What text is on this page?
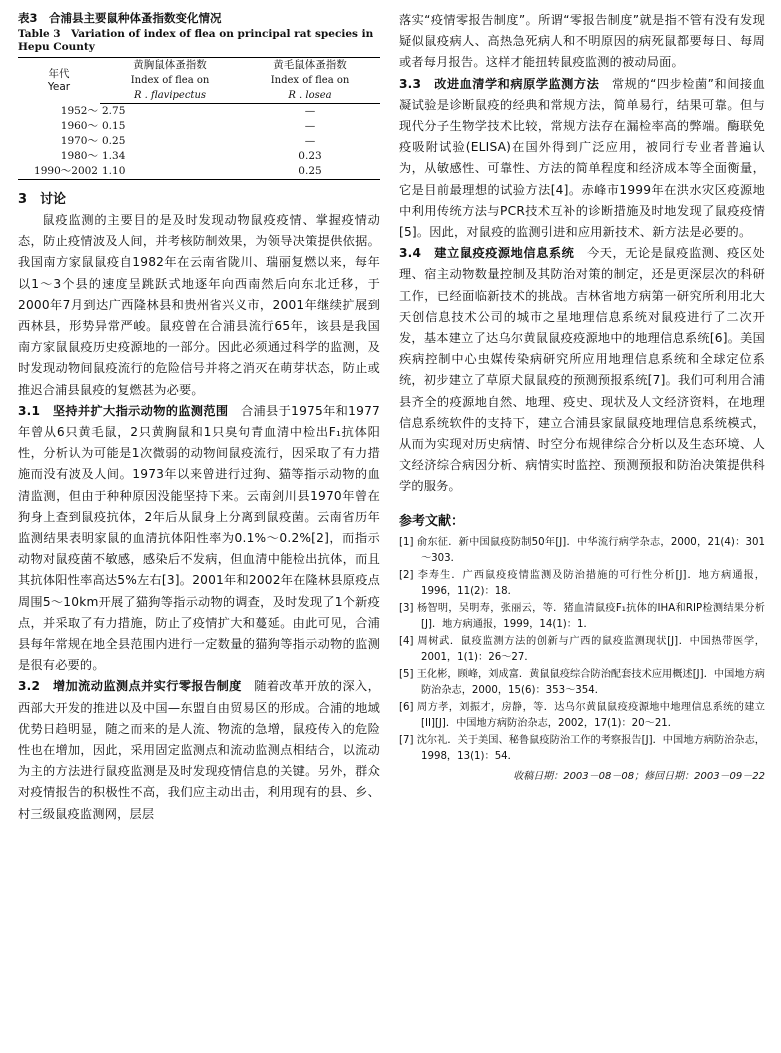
表3　合浦县主要鼠种体蚤指数变化情况

Table 3　Variation of index of flea on principal rat species in Hepu County

年代
Year	黄胸鼠体蚤指数	黄毛鼠体蚤指数
	Index of flea on	Index of flea on
	R . flavipectus	R . losea
1952～	2.75	—
1960～	0.15	—
1970～	0.25	—
1980～	1.34	0.23
1990～2002	1.10	0.25
3　讨论

鼠疫监测的主要目的是及时发现动物鼠疫疫情、掌握疫情动态，防止疫情波及人间，并考核防制效果，为领导决策提供依据。我国南方家鼠鼠疫自1982年在云南省陇川、瑞丽复燃以来，每年以1～3个县的速度呈跳跃式地逐年向西南然后向东北迁移，于2000年7月到达广西隆林县和贵州省兴义市，2001年继续扩展到西林县，形势异常严峻。鼠疫曾在合浦县流行65年，该县是我国南方家鼠鼠疫历史疫源地的一部分。因此必须通过科学的监测，及时发现动物间鼠疫流行的危险信号并将之消灭在萌芽状态，防止或推迟合浦县鼠疫的复燃甚为必要。

3.1　坚持并扩大指示动物的监测范围　合浦县于1975年和1977年曾从6只黄毛鼠，2只黄胸鼠和1只臭句青血清中检出F₁抗体阳性，分析认为可能是1次微弱的动物间鼠疫流行，因采取了有力措施而没有波及人间。1973年以来曾进行过狗、猫等指示动物的血清监测，但由于种种原因没能坚持下来。云南剑川县1970年曾在狗身上查到鼠疫抗体，2年后从鼠身上分离到鼠疫菌。云南省历年监测结果表明家鼠的血清抗体阳性率为0.1%～0.2%[2]，而指示动物对鼠疫菌不敏感，感染后不发病，但血清中能检出抗体，而且其抗体阳性率高达5%左右[3]。2001年和2002年在隆林县原疫点周围5～10km开展了猫狗等指示动物的调查，及时发现了1个新疫点，并采取了有力措施，防止了疫情扩大和蔓延。由此可见，合浦县每年常规在地全县范围内进行一定数量的猫狗等指示动物的监测是很有必要的。

3.2　增加流动监测点并实行零报告制度　随着改革开放的深入，西部大开发的推进以及中国—东盟自由贸易区的形成。合浦的地域优势日趋明显，随之而来的是人流、物流的急增，鼠疫传入的危险性也在增加，因此，采用固定监测点和流动监测点相结合，以流动为主的方法进行鼠疫监测是及时发现疫情信息的关键。另外，群众对疫情报告的积极性不高，我们应主动出击，利用现有的县、乡、村三级鼠疫监测网，层层

落实“疫情零报告制度”。所谓“零报告制度”就是指不管有没有发现疑似鼠疫病人、高热急死病人和不明原因的病死鼠都要每日、每周或者每月报告。这样才能扭转鼠疫监测的被动局面。

3.3　改进血清学和病原学监测方法　常规的“四步检菌”和间接血凝试验是诊断鼠疫的经典和常规方法，简单易行，结果可靠。但与现代分子生物学技术比较，常规方法存在漏检率高的弊端。酶联免疫吸附试验(ELISA)在国外得到广泛应用，被同行专业者普遍认为，从敏感性、可靠性、方法的简单程度和经济成本等全面衡量，它是目前最理想的试验方法[4]。赤峰市1999年在洪水灾区疫源地中利用传统方法与PCR技术互补的诊断措施及时地发现了鼠疫疫情[5]。因此，对鼠疫的监测引进和应用新技术、新方法是必要的。

3.4　建立鼠疫疫源地信息系统　今天，无论是鼠疫监测、疫区处理、宿主动物数量控制及其防治对策的制定，还是更深层次的科研工作，已经面临新技术的挑战。吉林省地方病第一研究所利用北大天创信息技术公司的城市之星地理信息系统对鼠疫进行了二次开发，基本建立了达乌尔黄鼠鼠疫疫源地中的地理信息系统[6]。美国疾病控制中心虫媒传染病研究所应用地理信息系统和全球定位系统，初步建立了草原犬鼠鼠疫的预测预报系统[7]。我们可利用合浦县齐全的疫源地自然、地理、疫史、现状及人文经济资料，在地理信息系统软件的支持下，建立合浦县家鼠鼠疫地理信息系统模式，从而为实现对历史病情、时空分布规律综合分析以及生态环境、人文经济综合病因分析、病情实时监控、预测预报和防治决策提供科学的服务。

参考文献：

[1] 俞东征．新中国鼠疫防制50年[J]．中华流行病学杂志，2000，21(4)：301～303．

[2] 李寿生．广西鼠疫疫情监测及防治措施的可行性分析[J]．地方病通报，1996，11(2)：18．

[3] 杨智明，吴明寿，张丽云，等．猪血清鼠疫F₁抗体的IHA和RIP检测结果分析[J]．地方病通报，1999，14(1)：1．

[4] 周树武．鼠疫监测方法的创新与广西的鼠疫监测现状[J]．中国热带医学，2001，1(1)：26～27．

[5] 王化彬，顾峰，刘成富．黄鼠鼠疫综合防治配套技术应用概述[J]．中国地方病防治杂志，2000，15(6)：353～354．

[6] 周方孝，刘振才，房静，等．达乌尔黄鼠鼠疫疫源地中地理信息系统的建立[II][J]．中国地方病防治杂志，2002，17(1)：20～21．

[7] 沈尔礼．关于美国、秘鲁鼠疫防治工作的考察报告[J]．中国地方病防治杂志，1998，13(1)：54．

收稿日期：2003－08－08；修回日期：2003－09－22
